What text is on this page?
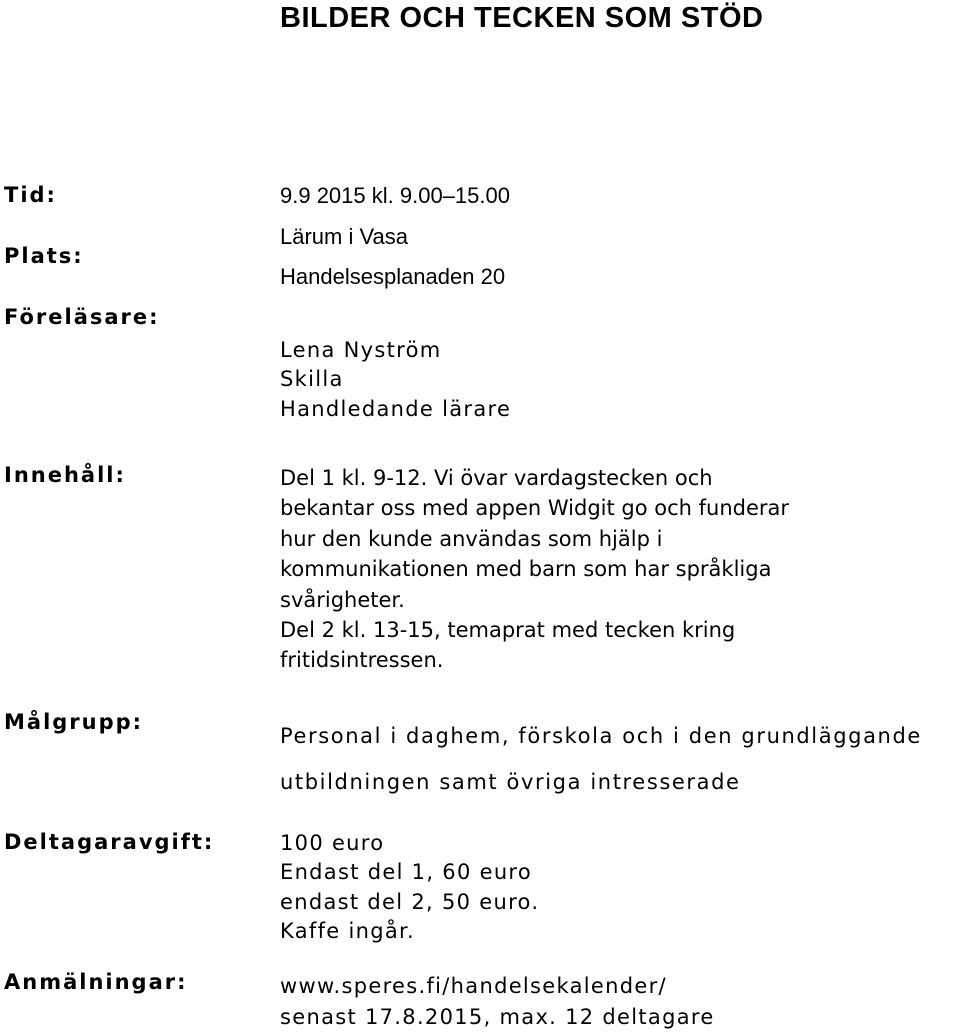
BILDER OCH TECKEN SOM STÖD
Tid:	9.9 2015 kl. 9.00–15.00
Plats:
Lärum i Vasa
Handelsesplanaden 20
Föreläsare:
Lena Nyström
Skilla
Handledande lärare
Innehåll:	Del 1 kl. 9-12. Vi övar vardagstecken och
bekantar oss med appen Widgit go och funderar
hur den kunde användas som hjälp i
kommunikationen med barn som har språkliga
svårigheter.
Del 2 kl. 13-15, temaprat med tecken kring
fritidsintressen.
Målgrupp:
Personal i daghem, förskola och i den grundläggande
utbildningen samt övriga intresserade
Deltagaravgift:	100 euro
Endast del 1, 60 euro
endast del 2, 50 euro.
Kaffe ingår.
Anmälningar:	www.speres.fi/handelsekalender/
senast 17.8.2015, max. 12 deltagare
